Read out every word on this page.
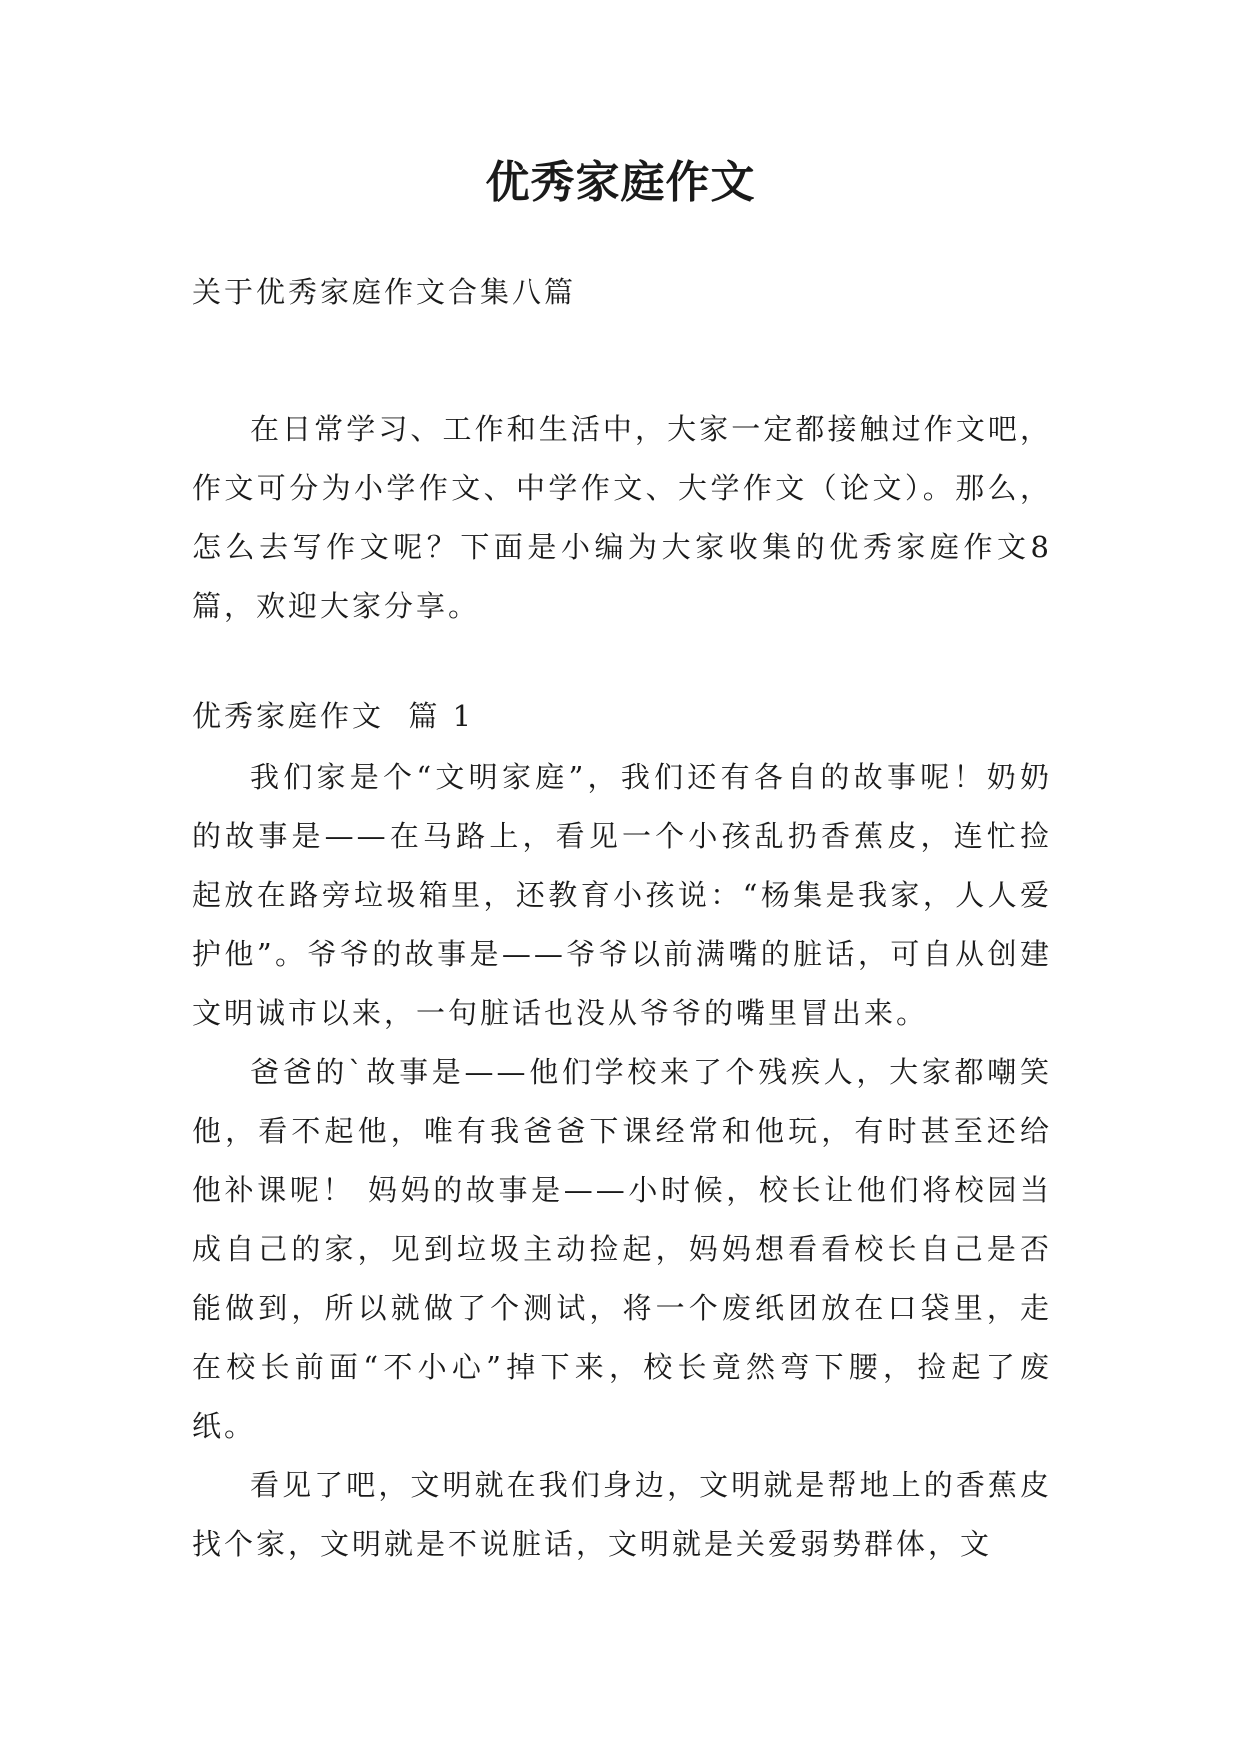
优秀家庭作文

关于优秀家庭作文合集八篇

在日常学习、工作和生活中，大家一定都接触过作文吧，作文可分为小学作文、中学作文、大学作文（论文）。那么，怎么去写作文呢？下面是小编为大家收集的优秀家庭作文8篇，欢迎大家分享。

优秀家庭作文  篇 1

我们家是个“文明家庭”，我们还有各自的故事呢！奶奶的故事是——在马路上，看见一个小孩乱扔香蕉皮，连忙捡起放在路旁垃圾箱里，还教育小孩说：“杨集是我家，人人爱护他”。爷爷的故事是——爷爷以前满嘴的脏话，可自从创建文明诚市以来，一句脏话也没从爷爷的嘴里冒出来。

爸爸的`故事是——他们学校来了个残疾人，大家都嘲笑他，看不起他，唯有我爸爸下课经常和他玩，有时甚至还给他补课呢！ 妈妈的故事是——小时候，校长让他们将校园当成自己的家，见到垃圾主动捡起，妈妈想看看校长自己是否能做到，所以就做了个测试，将一个废纸团放在口袋里，走在校长前面“不小心”掉下来，校长竟然弯下腰，捡起了废纸。

看见了吧，文明就在我们身边，文明就是帮地上的香蕉皮找个家，文明就是不说脏话，文明就是关爱弱势群体，文
